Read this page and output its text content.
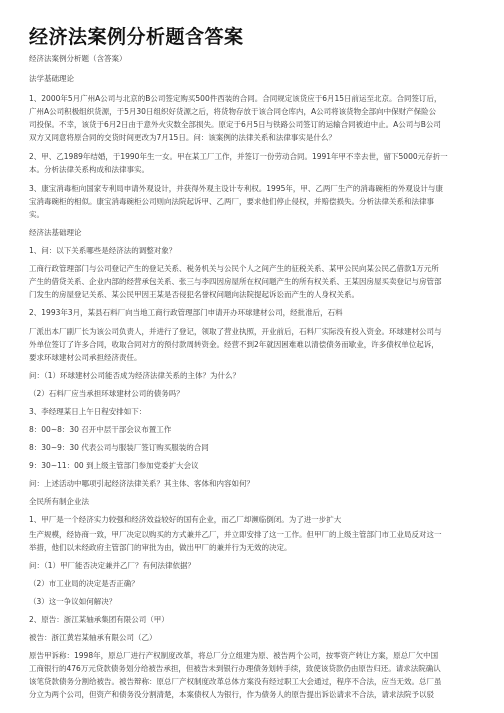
经济法案例分析题含答案
经济法案例分析题（含答案）
法学基础理论
1、2000年5月广州A公司与北京的B公司签定购买500件西装的合同。合同规定该货应于6月15日前运至北京。合同签订后，
广州A公司积极组织货源，于5月30日组织好货源之后，将货物存放于该合同仓库内，A公司将该货物全部向中保财产保险公
司投保。不幸，该货于6月2日由于意外火灾数全部损失。原定于6月5日与铁路公司签订的运输合同被迫中止。A公司与B公司
双方又同意将原合同的交货时间更改为7月15日。问：该案例的法律关系和法律事实是什么？
2、甲、乙1989年结婚，于1990年生一女。甲在某工厂工作，并签订一份劳动合同。1991年甲不幸去世，留下5000元存折一
本。分析法律关系构成和法律事实。
3、康宝消毒柜向国家专利局申请外观设计，并获得外观主设计专利权。1995年，甲、乙两厂生产的消毒碗柜的外观设计与康
宝消毒碗柜的相似。康宝消毒碗柜公司则向法院起诉甲、乙两厂，要求他们停止侵权，并赔偿损失。分析法律关系和法律事
实。
经济法基础理论
1、问：以下关系哪些是经济法的调整对象？
工商行政管理部门与公司登记产生的登记关系、税务机关与公民个人之间产生的征税关系、某甲公民向某公民乙借款1万元所
产生的借贷关系、企业内部的经营承包关系、张三与李四因房屋所在权问题产生的所有权关系、王某因房屋买卖登记与房管部
门发生的房屋登记关系、某公民甲因王某是否侵犯名誉权问题向法院提起诉讼而产生的人身权关系。
2、1993年3月，某县石料厂向当地工商行政管理部门申请开办环球建材公司，经批准后，石料
厂派出本厂副厂长为该公司负责人，并进行了登记，领取了营业执照，开业前后，石料厂实际没有投入资金。环球建材公司与
外单位签订了许多合同，收取合同对方的预付款周转资金。经营不到2年就因困难难以清偿债务而歇业，许多债权单位起诉，
要求环球建材公司承担经济责任。
问：（1）环球建材公司能否成为经济法律关系的主体？为什么？
（2）石料厂应当承担环球建材公司的债务吗？
3、李经理某日上午日程安排如下：
8：00~8：30 召开中层干部会议布置工作
8：30~9：30 代表公司与服装厂签订购买服装的合同
9：30~11：00 到上级主管部门参加党委扩大会议
问：上述活动中哪项引起经济法律关系？其主体、客体和内容如何？
全民所有制企业法
1、甲厂是一个经济实力较强和经济效益较好的国有企业，而乙厂却濒临倒闭。为了进一步扩大
生产规模，经协商一致，甲厂决定以购买的方式兼并乙厂，并立即安排了这一工作。但甲厂的上级主管部门市工业局反对这一
举措，他们以未经政府主管部门的审批为由，做出甲厂的兼并行为无效的决定。
问：（1）甲厂能否决定兼并乙厂？有何法律依据？
（2）市工业局的决定是否正确？
（3）这一争议如何解决？
2、原告：浙江某轴承集团有限公司（甲）
被告：浙江黄岩某轴承有限公司（乙）
原告甲诉称：1998年，原总厂进行产权制度改革，将总厂分立组建为原、被告两个公司，按零资产转让方案，原总厂欠中国
工商银行的476万元贷款债务划分给被告承担，但被告未到银行办理债务划转手续，致使该贷款仍由原告归还。请求法院确认
该笔贷款债务分割给被告。被告辩称：原总厂产权制度改革总体方案没有经过职工大会通过，程序不合法，应当无效。总厂虽
分立为两个公司，但资产和债务没分割清楚，本案债权人为银行，作为债务人的原告提出诉讼请求不合法，请求法院予以驳
